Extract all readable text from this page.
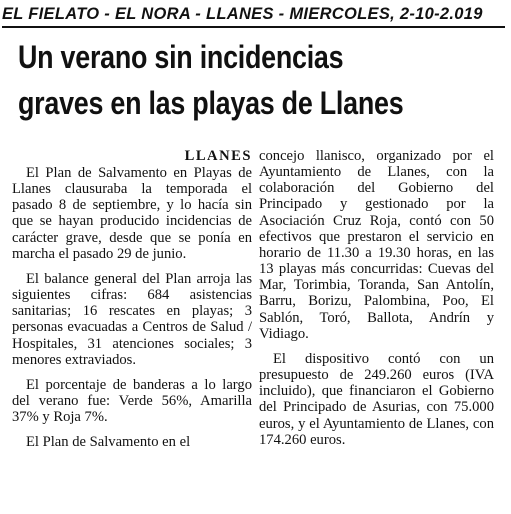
EL FIELATO - EL NORA - LLANES - MIERCOLES, 2-10-2.019
Un verano sin incidencias
graves en las playas de Llanes
LLANES

El Plan de Salvamento en Playas de Llanes clausuraba la temporada el pasado 8 de septiembre, y lo hacía sin que se hayan producido incidencias de carácter grave, desde que se ponía en marcha el pasado 29 de junio.

El balance general del Plan arroja las siguientes cifras: 684 asistencias sanitarias; 16 rescates en playas; 3 personas evacuadas a Centros de Salud / Hospitales, 31 atenciones sociales; 3 menores extraviados.

El porcentaje de banderas a lo largo del verano fue: Verde 56%, Amarilla 37% y Roja 7%.

El Plan de Salvamento en el

concejo llanisco, organizado por el Ayuntamiento de Llanes, con la colaboración del Gobierno del Principado y gestionado por la Asociación Cruz Roja, contó con 50 efectivos que prestaron el servicio en horario de 11.30 a 19.30 horas, en las 13 playas más concurridas: Cuevas del Mar, Torimbia, Toranda, San Antolín, Barru, Borizu, Palombina, Poo, El Sablón, Toró, Ballota, Andrín y Vidiago.

El dispositivo contó con un presupuesto de 249.260 euros (IVA incluido), que financiaron el Gobierno del Principado de Asurias, con 75.000 euros, y el Ayuntamiento de Llanes, con 174.260 euros.
